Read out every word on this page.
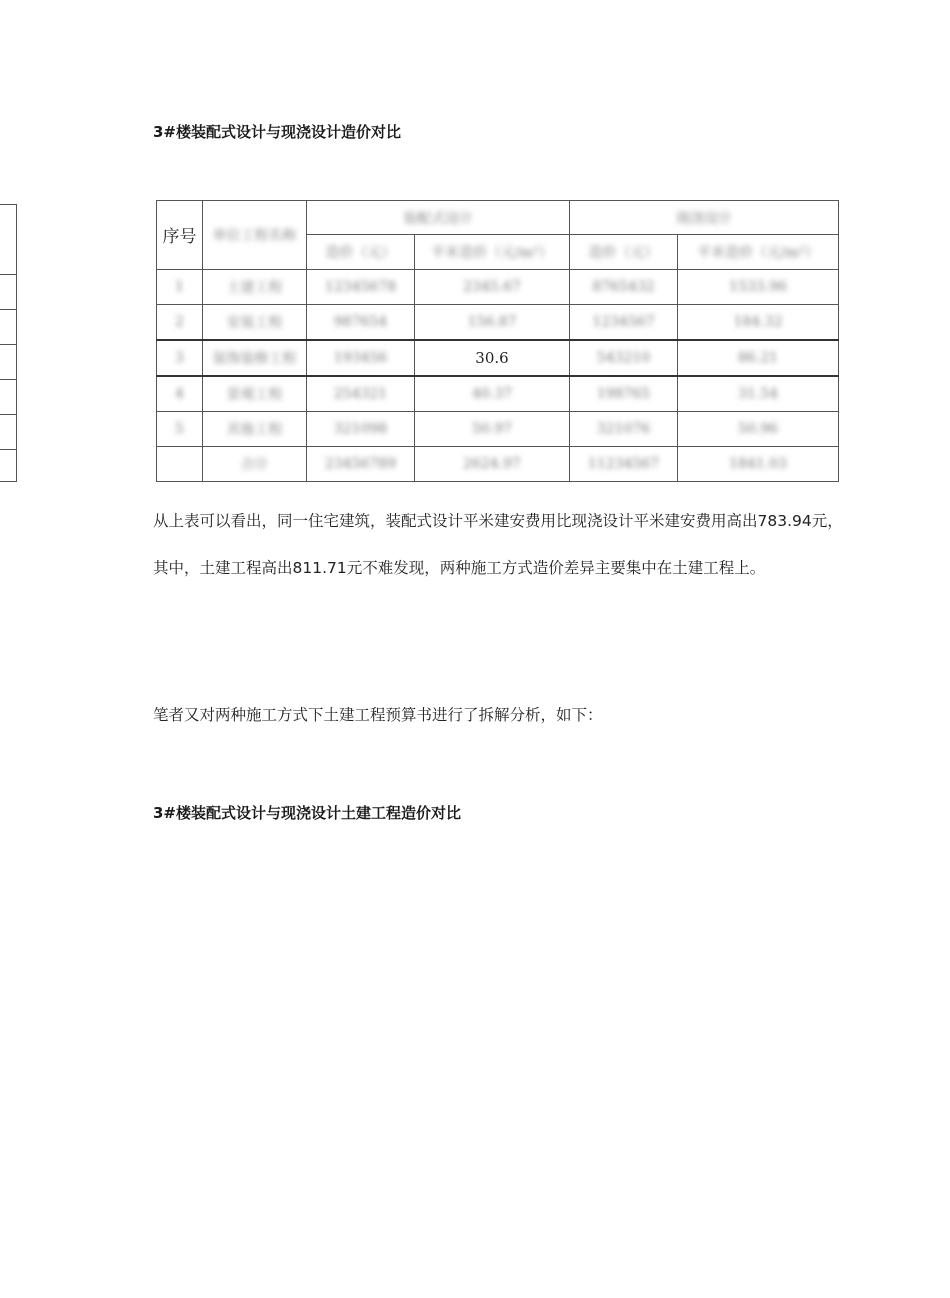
3#楼装配式设计与现浇设计造价对比
序号	单位工程名称	装配式设计		现浇设计	
		造价（元）	平米造价（元/m²）	造价（元）	平米造价（元/m²）
1	土建工程	12345678	2345.67	8765432	1533.96
2	安装工程	987654	156.87	1234567	184.32
3	装饰装修工程	193456	30.6	543210	86.21
4	景观工程	254321	40.37	198765	31.54
5	其他工程	321098	50.97	321076	50.96
	合计	23456789	2624.97	11234567	1841.03
从上表可以看出，同一住宅建筑，装配式设计平米建安费用比现浇设计平米建安费用高出783.94元，其中，土建工程高出811.71元不难发现，两种施工方式造价差异主要集中在土建工程上。
笔者又对两种施工方式下土建工程预算书进行了拆解分析，如下：
3#楼装配式设计与现浇设计土建工程造价对比
